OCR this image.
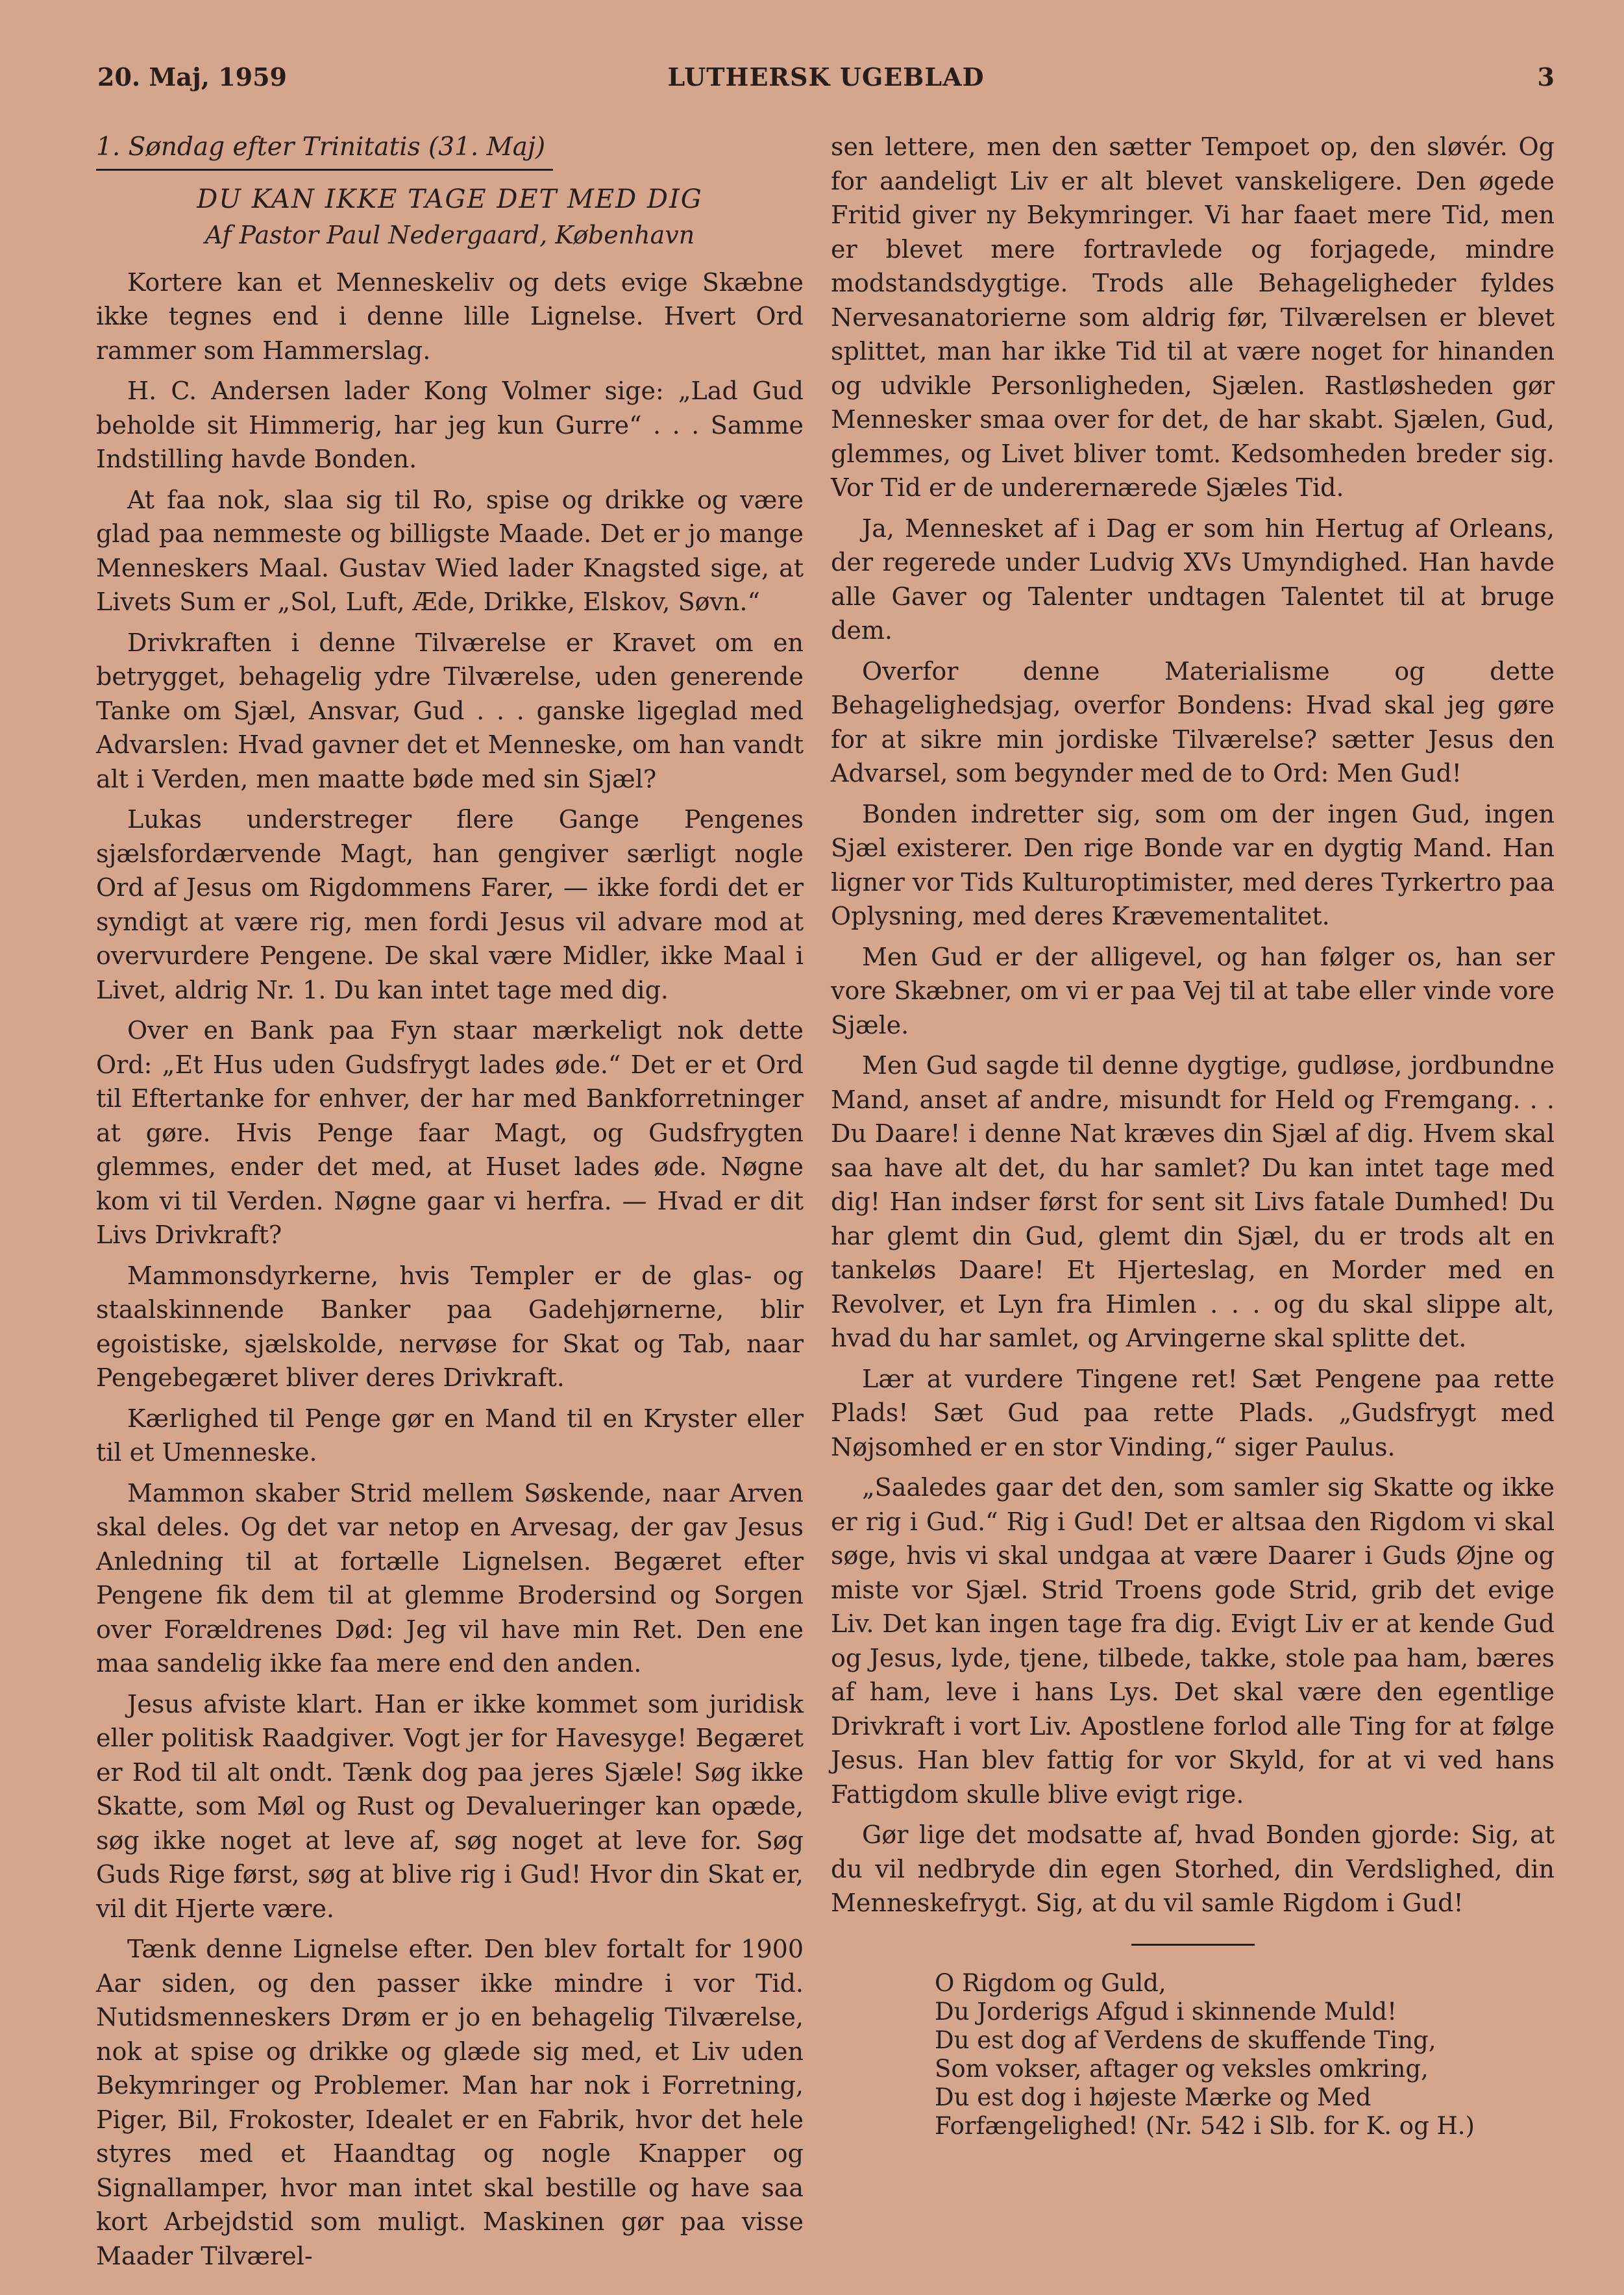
20. Maj, 1959	LUTHERSK UGEBLAD	3
1. Søndag efter Trinitatis (31. Maj)
DU KAN IKKE TAGE DET MED DIG
Af Pastor Paul Nedergaard, København

Kortere kan et Menneskeliv og dets evige Skæbne ikke tegnes end i denne lille Lignelse. Hvert Ord rammer som Hammerslag.

H. C. Andersen lader Kong Volmer sige: „Lad Gud beholde sit Himmerig, har jeg kun Gurre“ . . . Samme Indstilling havde Bonden.

At faa nok, slaa sig til Ro, spise og drikke og være glad paa nemmeste og billigste Maade. Det er jo mange Menneskers Maal. Gustav Wied lader Knagsted sige, at Livets Sum er „Sol, Luft, Æde, Drikke, Elskov, Søvn.“

Drivkraften i denne Tilværelse er Kravet om en betrygget, behagelig ydre Tilværelse, uden generende Tanke om Sjæl, Ansvar, Gud . . . ganske ligeglad med Advarslen: Hvad gavner det et Menneske, om han vandt alt i Verden, men maatte bøde med sin Sjæl?

Lukas understreger flere Gange Pengenes sjælsfordærvende Magt, han gengiver særligt nogle Ord af Jesus om Rigdommens Farer, — ikke fordi det er syndigt at være rig, men fordi Jesus vil advare mod at overvurdere Pengene. De skal være Midler, ikke Maal i Livet, aldrig Nr. 1. Du kan intet tage med dig.

Over en Bank paa Fyn staar mærkeligt nok dette Ord: „Et Hus uden Gudsfrygt lades øde.“ Det er et Ord til Eftertanke for enhver, der har med Bankforretninger at gøre. Hvis Penge faar Magt, og Gudsfrygten glemmes, ender det med, at Huset lades øde. Nøgne kom vi til Verden. Nøgne gaar vi herfra. — Hvad er dit Livs Drivkraft?

Mammonsdyrkerne, hvis Templer er de glas- og staalskinnende Banker paa Gadehjørnerne, blir egoistiske, sjælskolde, nervøse for Skat og Tab, naar Pengebegæret bliver deres Drivkraft.

Kærlighed til Penge gør en Mand til en Kryster eller til et Umenneske.

Mammon skaber Strid mellem Søskende, naar Arven skal deles. Og det var netop en Arvesag, der gav Jesus Anledning til at fortælle Lignelsen. Begæret efter Pengene fik dem til at glemme Brodersind og Sorgen over Forældrenes Død: Jeg vil have min Ret. Den ene maa sandelig ikke faa mere end den anden.

Jesus afviste klart. Han er ikke kommet som juridisk eller politisk Raadgiver. Vogt jer for Havesyge! Begæret er Rod til alt ondt. Tænk dog paa jeres Sjæle! Søg ikke Skatte, som Møl og Rust og Devalueringer kan opæde, søg ikke noget at leve af, søg noget at leve for. Søg Guds Rige først, søg at blive rig i Gud! Hvor din Skat er, vil dit Hjerte være.

Tænk denne Lignelse efter. Den blev fortalt for 1900 Aar siden, og den passer ikke mindre i vor Tid. Nutidsmenneskers Drøm er jo en behagelig Tilværelse, nok at spise og drikke og glæde sig med, et Liv uden Bekymringer og Problemer. Man har nok i Forretning, Piger, Bil, Frokoster, Idealet er en Fabrik, hvor det hele styres med et Haandtag og nogle Knapper og Signallamper, hvor man intet skal bestille og have saa kort Arbejdstid som muligt. Maskinen gør paa visse Maader Tilværel-

sen lettere, men den sætter Tempoet op, den sløvér. Og for aandeligt Liv er alt blevet vanskeligere. Den øgede Fritid giver ny Bekymringer. Vi har faaet mere Tid, men er blevet mere fortravlede og forjagede, mindre modstandsdygtige. Trods alle Behageligheder fyldes Nervesanatorierne som aldrig før, Tilværelsen er blevet splittet, man har ikke Tid til at være noget for hinanden og udvikle Personligheden, Sjælen. Rastløsheden gør Mennesker smaa over for det, de har skabt. Sjælen, Gud, glemmes, og Livet bliver tomt. Kedsomheden breder sig. Vor Tid er de underernærede Sjæles Tid.

Ja, Mennesket af i Dag er som hin Hertug af Orleans, der regerede under Ludvig XVs Umyndighed. Han havde alle Gaver og Talenter undtagen Talentet til at bruge dem.

Overfor denne Materialisme og dette Behagelighedsjag, overfor Bondens: Hvad skal jeg gøre for at sikre min jordiske Tilværelse? sætter Jesus den Advarsel, som begynder med de to Ord: Men Gud!

Bonden indretter sig, som om der ingen Gud, ingen Sjæl existerer. Den rige Bonde var en dygtig Mand. Han ligner vor Tids Kulturoptimister, med deres Tyrkertro paa Oplysning, med deres Krævementalitet.

Men Gud er der alligevel, og han følger os, han ser vore Skæbner, om vi er paa Vej til at tabe eller vinde vore Sjæle.

Men Gud sagde til denne dygtige, gudløse, jordbundne Mand, anset af andre, misundt for Held og Fremgang. . . Du Daare! i denne Nat kræves din Sjæl af dig. Hvem skal saa have alt det, du har samlet? Du kan intet tage med dig! Han indser først for sent sit Livs fatale Dumhed! Du har glemt din Gud, glemt din Sjæl, du er trods alt en tankeløs Daare! Et Hjerteslag, en Morder med en Revolver, et Lyn fra Himlen . . . og du skal slippe alt, hvad du har samlet, og Arvingerne skal splitte det.

Lær at vurdere Tingene ret! Sæt Pengene paa rette Plads! Sæt Gud paa rette Plads. „Gudsfrygt med Nøjsomhed er en stor Vinding,“ siger Paulus.

„Saaledes gaar det den, som samler sig Skatte og ikke er rig i Gud.“ Rig i Gud! Det er altsaa den Rigdom vi skal søge, hvis vi skal undgaa at være Daarer i Guds Øjne og miste vor Sjæl. Strid Troens gode Strid, grib det evige Liv. Det kan ingen tage fra dig. Evigt Liv er at kende Gud og Jesus, lyde, tjene, tilbede, takke, stole paa ham, bæres af ham, leve i hans Lys. Det skal være den egentlige Drivkraft i vort Liv. Apostlene forlod alle Ting for at følge Jesus. Han blev fattig for vor Skyld, for at vi ved hans Fattigdom skulle blive evigt rige.

Gør lige det modsatte af, hvad Bonden gjorde: Sig, at du vil nedbryde din egen Storhed, din Verdslighed, din Menneskefrygt. Sig, at du vil samle Rigdom i Gud!

O Rigdom og Guld,
Du Jorderigs Afgud i skinnende Muld!
Du est dog af Verdens de skuffende Ting,
Som vokser, aftager og veksles omkring,
Du est dog i højeste Mærke og Med
Forfængelighed! (Nr. 542 i Slb. for K. og H.)
